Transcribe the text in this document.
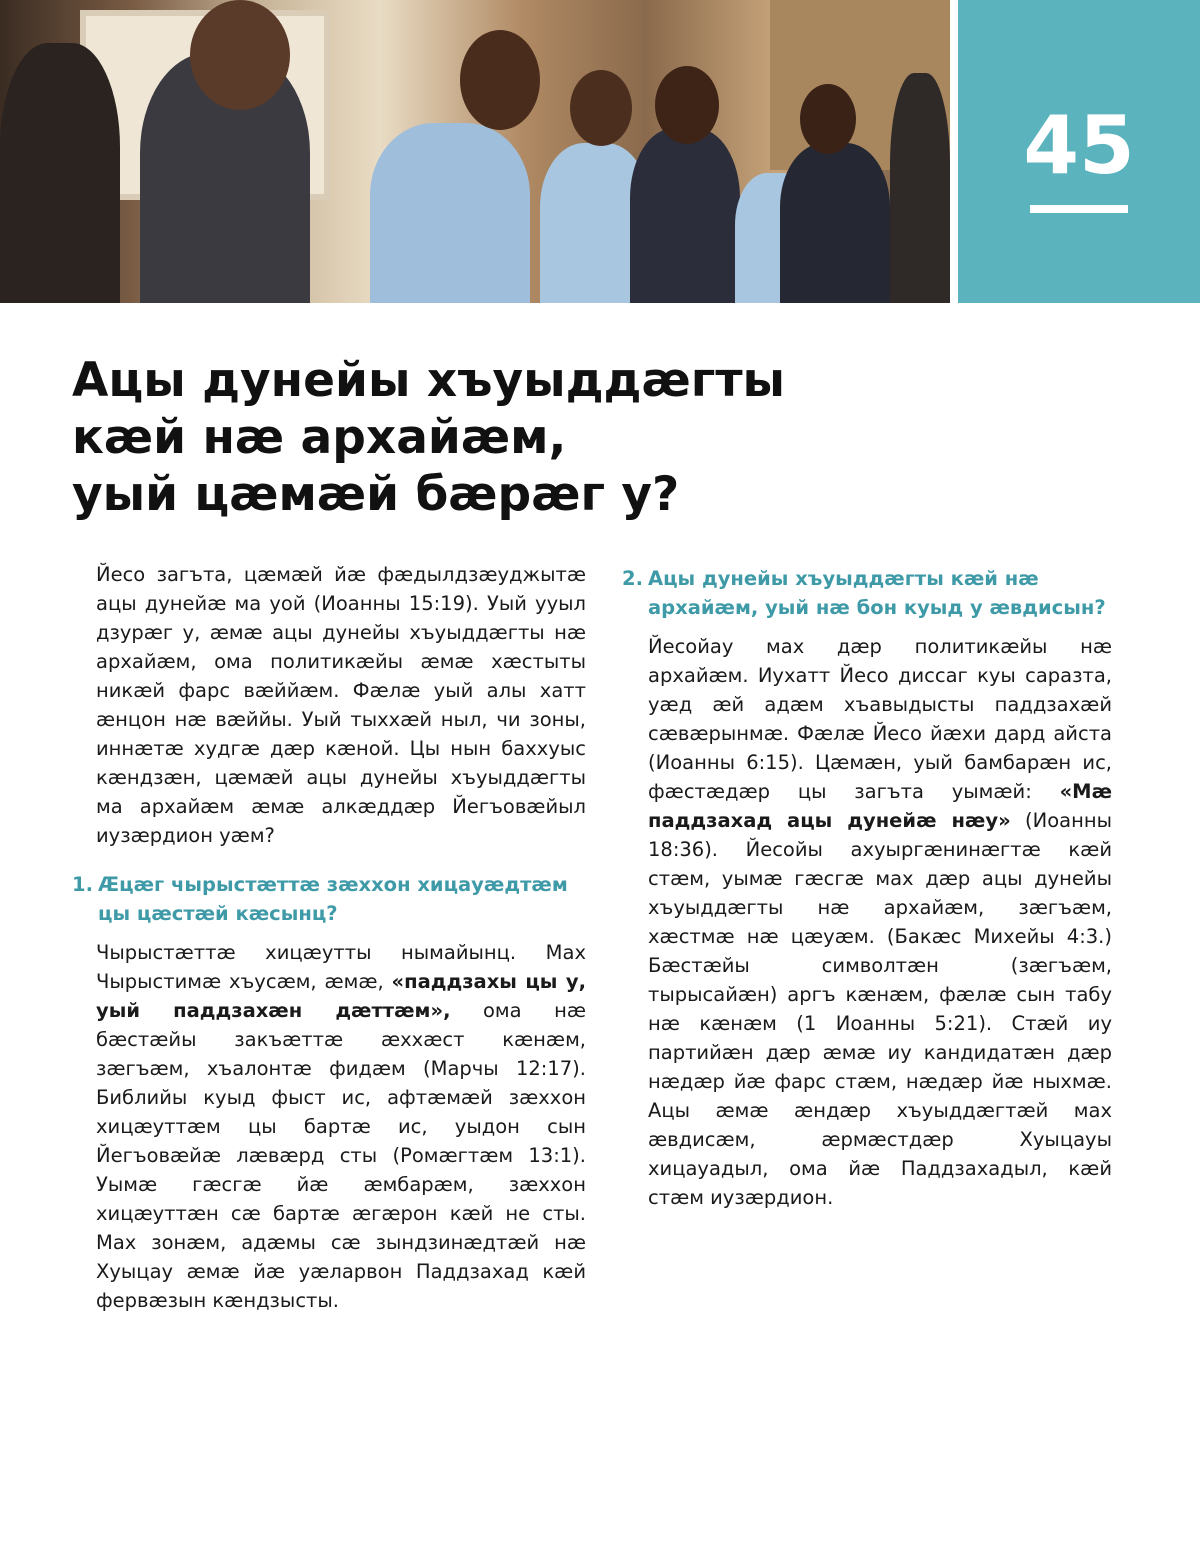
45
Ацы дунейы хъуыддæгты
кæй нæ архайæм,
уый цæмæй бæрæг у?

Йесо загъта, цæмæй йæ фæдылдзæуджытæ ацы дунейæ ма уой (Иоанны 15:19). Уый ууыл дзурæг у, æмæ ацы дунейы хъуыддæгты нæ архайæм, ома политикæйы æмæ хæстыты никæй фарс вæййæм. Фæлæ уый алы хатт æнцон нæ вæййы. Уый тыххæй ныл, чи зоны, иннæтæ худгæ дæр кæной. Цы нын баххуыс кæндзæн, цæмæй ацы дунейы хъуыддæгты ма архайæм æмæ алкæддæр Йегъовæйыл иузæрдион уæм?

1. Æцæг чырыстæттæ зæххон хицауæдтæм цы цæстæй кæсынц?

Чырыстæттæ хицæутты нымайынц. Мах Чырыстимæ хъусæм, æмæ, «паддзахы цы у, уый паддзахæн дæттæм», ома нæ бæстæйы закъæттæ æххæст кæнæм, зæгъæм, хъалонтæ фидæм (Марчы 12:17). Библийы куыд фыст ис, афтæмæй зæххон хицæуттæм цы бартæ ис, уыдон сын Йегъовæйæ лæвæрд сты (Ромæгтæм 13:1). Уымæ гæсгæ йæ æмбарæм, зæххон хицæуттæн сæ бартæ æгæрон кæй не сты. Мах зонæм, адæмы сæ зындзинæдтæй нæ Хуыцау æмæ йæ уæларвон Паддзахад кæй фервæзын кæндзысты.

2. Ацы дунейы хъуыддæгты кæй нæ архайæм, уый нæ бон куыд у æвдисын?

Йесойау мах дæр политикæйы нæ архайæм. Иухатт Йесо диссаг куы саразта, уæд æй адæм хъавыдысты паддзахæй сæвæрынмæ. Фæлæ Йесо йæхи дард айста (Иоанны 6:15). Цæмæн, уый бамбарæн ис, фæстæдæр цы загъта уымæй: «Мæ паддзахад ацы дунейæ нæу» (Иоанны 18:36). Йесойы ахуыргæнинæгтæ кæй стæм, уымæ гæсгæ мах дæр ацы дунейы хъуыддæгты нæ архайæм, зæгъæм, хæстмæ нæ цæуæм. (Бакæс Михейы 4:3.) Бæстæйы символтæн (зæгъæм, тырысайæн) аргъ кæнæм, фæлæ сын табу нæ кæнæм (1 Иоанны 5:21). Стæй иу партийæн дæр æмæ иу кандидатæн дæр нæдæр йæ фарс стæм, нæдæр йæ ныхмæ. Ацы æмæ æндæр хъуыддæгтæй мах æвдисæм, æрмæстдæр Хуыцауы хицауадыл, ома йæ Паддзахадыл, кæй стæм иузæрдион.
